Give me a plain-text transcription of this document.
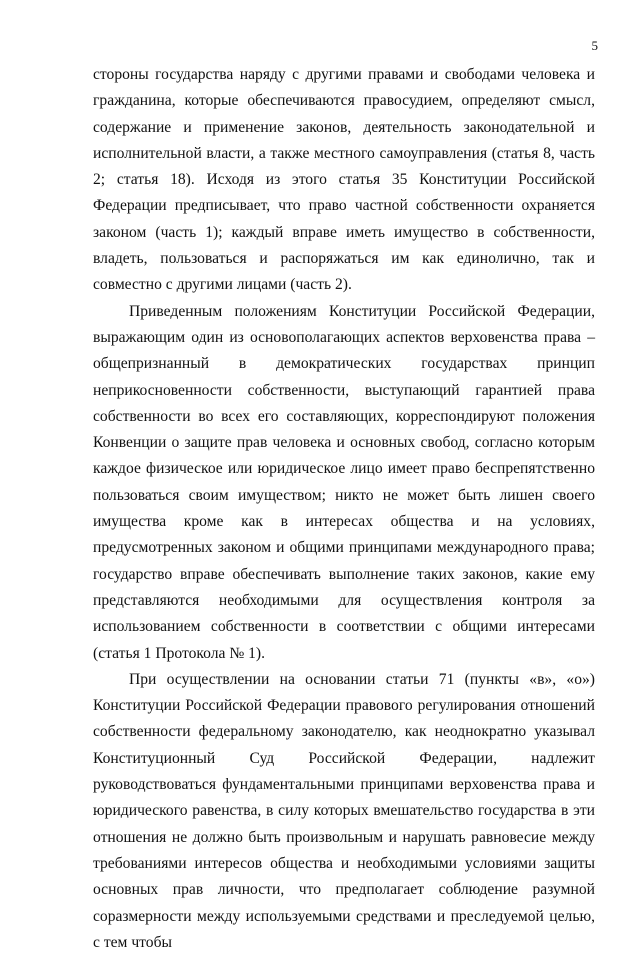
5

стороны государства наряду с другими правами и свободами человека и гражданина, которые обеспечиваются правосудием, определяют смысл, содержание и применение законов, деятельность законодательной и исполнительной власти, а также местного самоуправления (статья 8, часть 2; статья 18). Исходя из этого статья 35 Конституции Российской Федерации предписывает, что право частной собственности охраняется законом (часть 1); каждый вправе иметь имущество в собственности, владеть, пользоваться и распоряжаться им как единолично, так и совместно с другими лицами (часть 2).

Приведенным положениям Конституции Российской Федерации, выражающим один из основополагающих аспектов верховенства права – общепризнанный в демократических государствах принцип неприкосновенности собственности, выступающий гарантией права собственности во всех его составляющих, корреспондируют положения Конвенции о защите прав человека и основных свобод, согласно которым каждое физическое или юридическое лицо имеет право беспрепятственно пользоваться своим имуществом; никто не может быть лишен своего имущества кроме как в интересах общества и на условиях, предусмотренных законом и общими принципами международного права; государство вправе обеспечивать выполнение таких законов, какие ему представляются необходимыми для осуществления контроля за использованием собственности в соответствии с общими интересами (статья 1 Протокола № 1).

При осуществлении на основании статьи 71 (пункты «в», «о») Конституции Российской Федерации правового регулирования отношений собственности федеральному законодателю, как неоднократно указывал Конституционный Суд Российской Федерации, надлежит руководствоваться фундаментальными принципами верховенства права и юридического равенства, в силу которых вмешательство государства в эти отношения не должно быть произвольным и нарушать равновесие между требованиями интересов общества и необходимыми условиями защиты основных прав личности, что предполагает соблюдение разумной соразмерности между используемыми средствами и преследуемой целью, с тем чтобы
